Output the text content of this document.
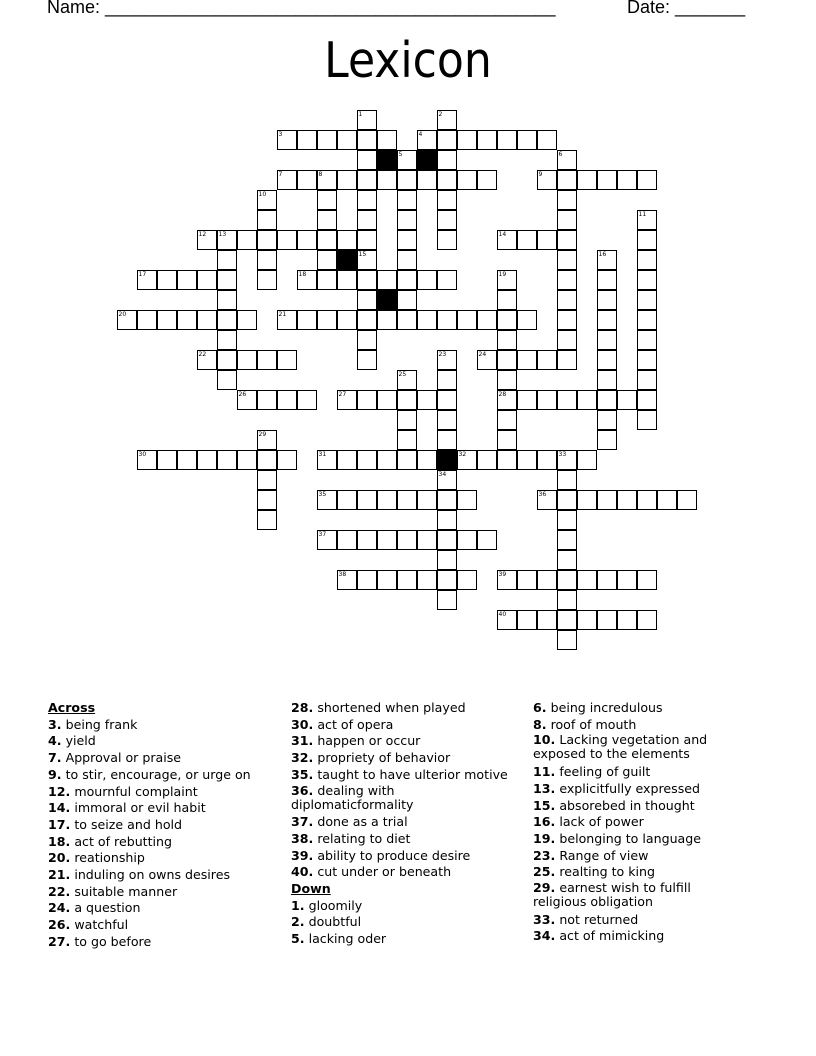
Name: _____________________________________________	Date: _______
Lexicon
3	4
7	8	9
12 13	14
17	18
20	21
22	24
26	27	28
30	31	32	33
35	36
37
38	39
40
1	2
5	6
10
11
15	16
19
23
25
29
34
Across
3. being frank
4. yield
7. Approval or praise
9. to stir, encourage, or urge on
12. mournful complaint
14. immoral or evil habit
17. to seize and hold
18. act of rebutting
20. reationship
21. induling on owns desires
22. suitable manner
24. a question
26. watchful
27. to go before
28. shortened when played
30. act of opera
31. happen or occur
32. propriety of behavior
35. taught to have ulterior motive
36. dealing with diplomaticformality
37. done as a trial
38. relating to diet
39. ability to produce desire
40. cut under or beneath
Down
1. gloomily
2. doubtful
5. lacking oder
6. being incredulous
8. roof of mouth
10. Lacking vegetation and exposed to the elements
11. feeling of guilt
13. explicitfully expressed
15. absorebed in thought
16. lack of power
19. belonging to language
23. Range of view
25. realting to king
29. earnest wish to fulfill religious obligation
33. not returned
34. act of mimicking
